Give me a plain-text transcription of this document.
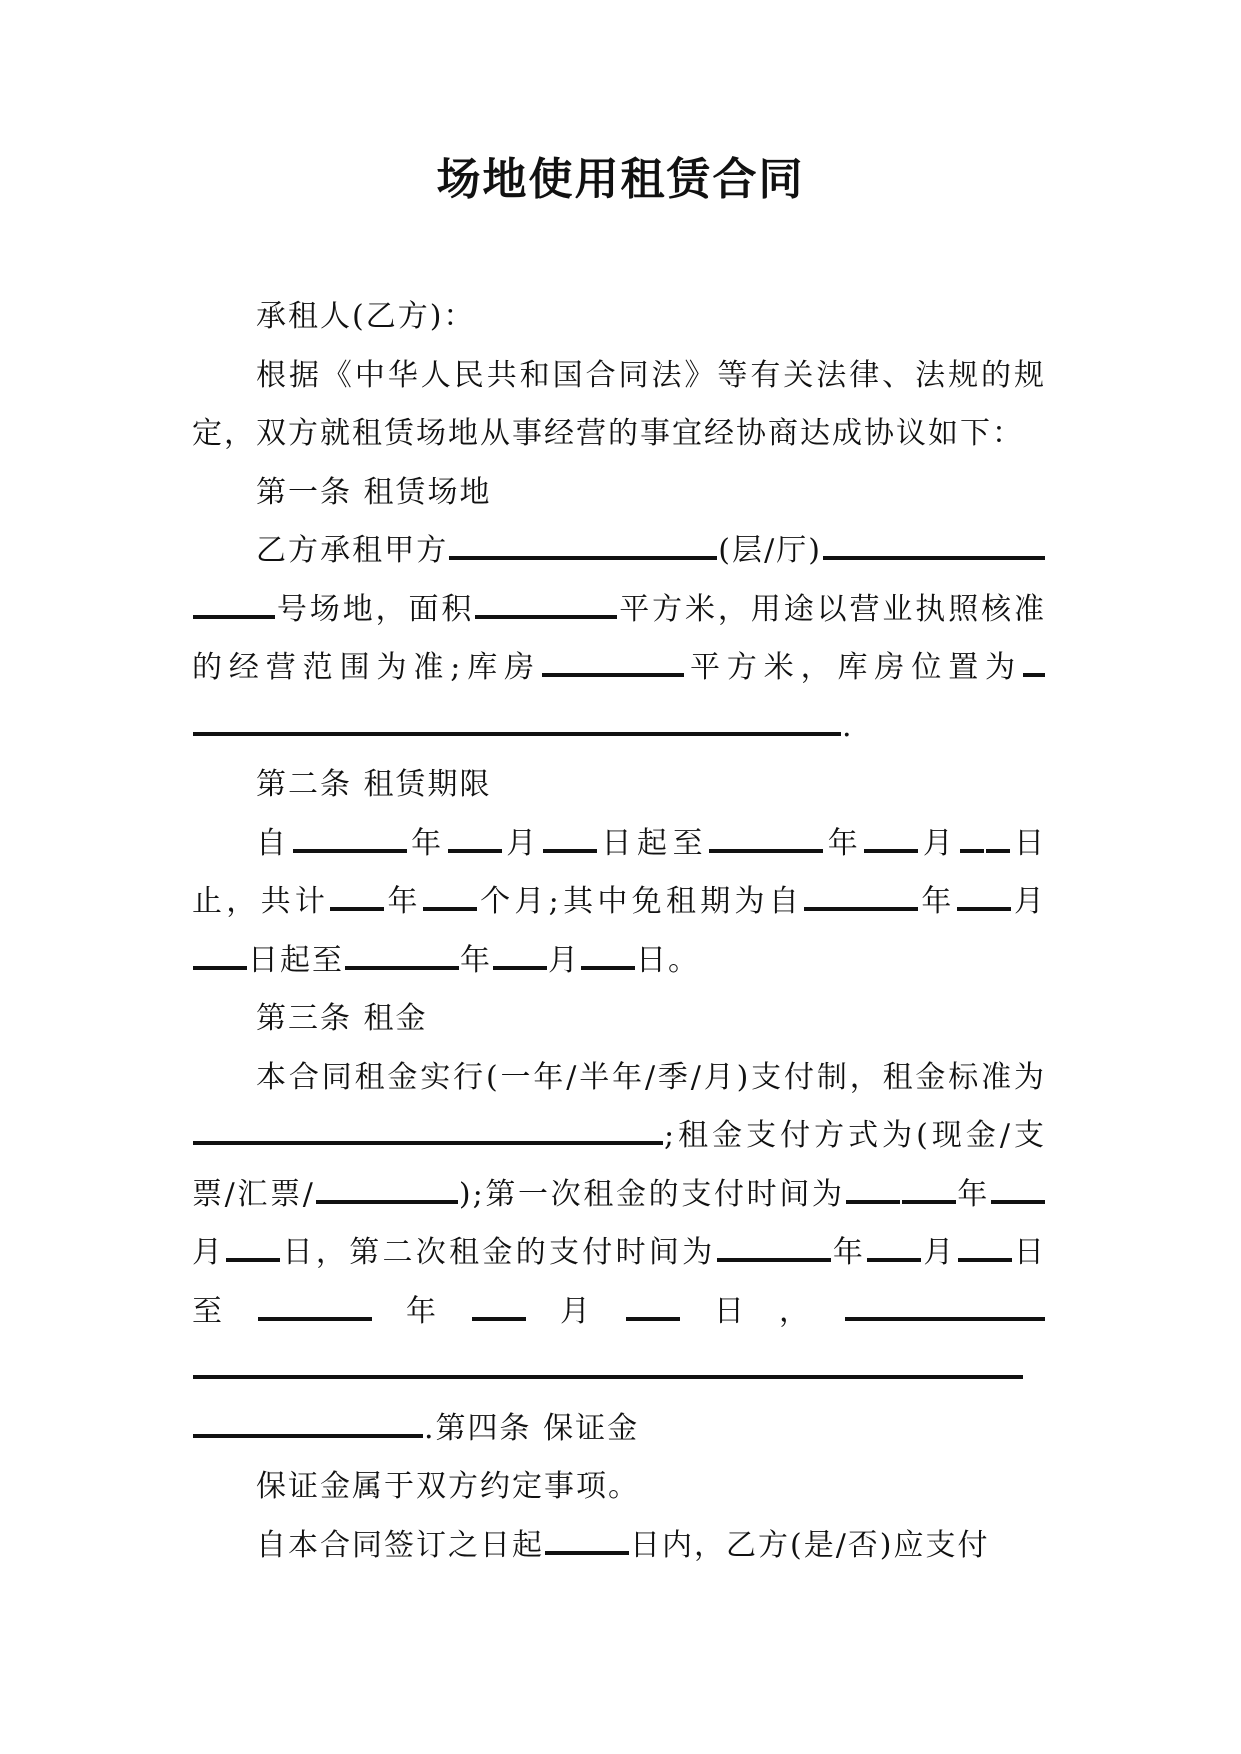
场地使用租赁合同

承租人(乙方)：

根据《中华人民共和国合同法》等有关法律、法规的规定，双方就租赁场地从事经营的事宜经协商达成协议如下：

第一条 租赁场地

乙方承租甲方	(层/厅)号场地，面积	平方米，用途以营业执照核准的经营范围为准;库房	平方米，库房位置为.

第二条 租赁期限

自	年 月 日起至	年 月 日止，共计 年 个月;其中免租期为自	年 月日起至	年 月 日。

第三条 租金

本合同租金实行(一年/半年/季/月)支付制，租金标准为;租金支付方式为(现金/支票/汇票/	);第一次租金的支付时间为	年月 日，第二次租金的支付时间为	年 月 日至	年 月 日，.第四条 保证金

保证金属于双方约定事项。

自本合同签订之日起	日内，乙方(是/否)应支付
